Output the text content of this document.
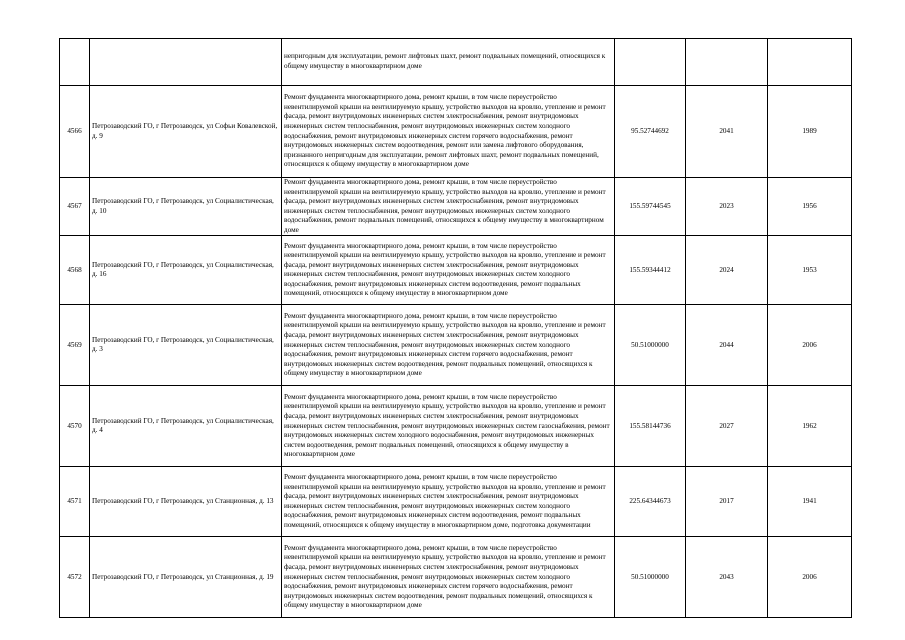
		непригодным для эксплуатации, ремонт лифтовых шахт, ремонт подвальных помещений, относящихся к общему имуществу в многоквартирном доме			
4566	Петрозаводский ГО, г Петрозаводск, ул Софьи Ковалевской, д. 9	Ремонт фундамента многоквартирного дома, ремонт крыши, в том числе переустройство невентилируемой крыши на вентилируемую крышу, устройство выходов на кровлю, утепление и ремонт фасада, ремонт внутридомовых инженерных систем электроснабжения, ремонт внутридомовых инженерных систем теплоснабжения, ремонт внутридомовых инженерных систем холодного водоснабжения, ремонт внутридомовых инженерных систем горячего водоснабжения, ремонт внутридомовых инженерных систем водоотведения, ремонт или замена лифтового оборудования, признанного непригодным для эксплуатации, ремонт лифтовых шахт, ремонт подвальных помещений, относящихся к общему имуществу в многоквартирном доме	95.52744692	2041	1989
4567	Петрозаводский ГО, г Петрозаводск, ул Социалистическая, д. 10	Ремонт фундамента многоквартирного дома, ремонт крыши, в том числе переустройство невентилируемой крыши на вентилируемую крышу, устройство выходов на кровлю, утепление и ремонт фасада, ремонт внутридомовых инженерных систем электроснабжения, ремонт внутридомовых инженерных систем теплоснабжения, ремонт внутридомовых инженерных систем холодного водоснабжения, ремонт подвальных помещений, относящихся к общему имуществу в многоквартирном доме	155.59744545	2023	1956
4568	Петрозаводский ГО, г Петрозаводск, ул Социалистическая, д. 16	Ремонт фундамента многоквартирного дома, ремонт крыши, в том числе переустройство невентилируемой крыши на вентилируемую крышу, устройство выходов на кровлю, утепление и ремонт фасада, ремонт внутридомовых инженерных систем электроснабжения, ремонт внутридомовых инженерных систем теплоснабжения, ремонт внутридомовых инженерных систем холодного водоснабжения, ремонт внутридомовых инженерных систем водоотведения, ремонт подвальных помещений, относящихся к общему имуществу в многоквартирном доме	155.59344412	2024	1953
4569	Петрозаводский ГО, г Петрозаводск, ул Социалистическая, д. 3	Ремонт фундамента многоквартирного дома, ремонт крыши, в том числе переустройство невентилируемой крыши на вентилируемую крышу, устройство выходов на кровлю, утепление и ремонт фасада, ремонт внутридомовых инженерных систем электроснабжения, ремонт внутридомовых инженерных систем теплоснабжения, ремонт внутридомовых инженерных систем холодного водоснабжения, ремонт внутридомовых инженерных систем горячего водоснабжения, ремонт внутридомовых инженерных систем водоотведения, ремонт подвальных помещений, относящихся к общему имуществу в многоквартирном доме	50.51000000	2044	2006
4570	Петрозаводский ГО, г Петрозаводск, ул Социалистическая, д. 4	Ремонт фундамента многоквартирного дома, ремонт крыши, в том числе переустройство невентилируемой крыши на вентилируемую крышу, устройство выходов на кровлю, утепление и ремонт фасада, ремонт внутридомовых инженерных систем электроснабжения, ремонт внутридомовых инженерных систем теплоснабжения, ремонт внутридомовых инженерных систем газоснабжения, ремонт внутридомовых инженерных систем холодного водоснабжения, ремонт внутридомовых инженерных систем водоотведения, ремонт подвальных помещений, относящихся к общему имуществу в многоквартирном доме	155.58144736	2027	1962
4571	Петрозаводский ГО, г Петрозаводск, ул Станционная, д. 13	Ремонт фундамента многоквартирного дома, ремонт крыши, в том числе переустройство невентилируемой крыши на вентилируемую крышу, устройство выходов на кровлю, утепление и ремонт фасада, ремонт внутридомовых инженерных систем электроснабжения, ремонт внутридомовых инженерных систем теплоснабжения, ремонт внутридомовых инженерных систем холодного водоснабжения, ремонт внутридомовых инженерных систем водоотведения, ремонт подвальных помещений, относящихся к общему имуществу в многоквартирном доме, подготовка документации	225.64344673	2017	1941
4572	Петрозаводский ГО, г Петрозаводск, ул Станционная, д. 19	Ремонт фундамента многоквартирного дома, ремонт крыши, в том числе переустройство невентилируемой крыши на вентилируемую крышу, устройство выходов на кровлю, утепление и ремонт фасада, ремонт внутридомовых инженерных систем электроснабжения, ремонт внутридомовых инженерных систем теплоснабжения, ремонт внутридомовых инженерных систем холодного водоснабжения, ремонт внутридомовых инженерных систем горячего водоснабжения, ремонт внутридомовых инженерных систем водоотведения, ремонт подвальных помещений, относящихся к общему имуществу в многоквартирном доме	50.51000000	2043	2006
